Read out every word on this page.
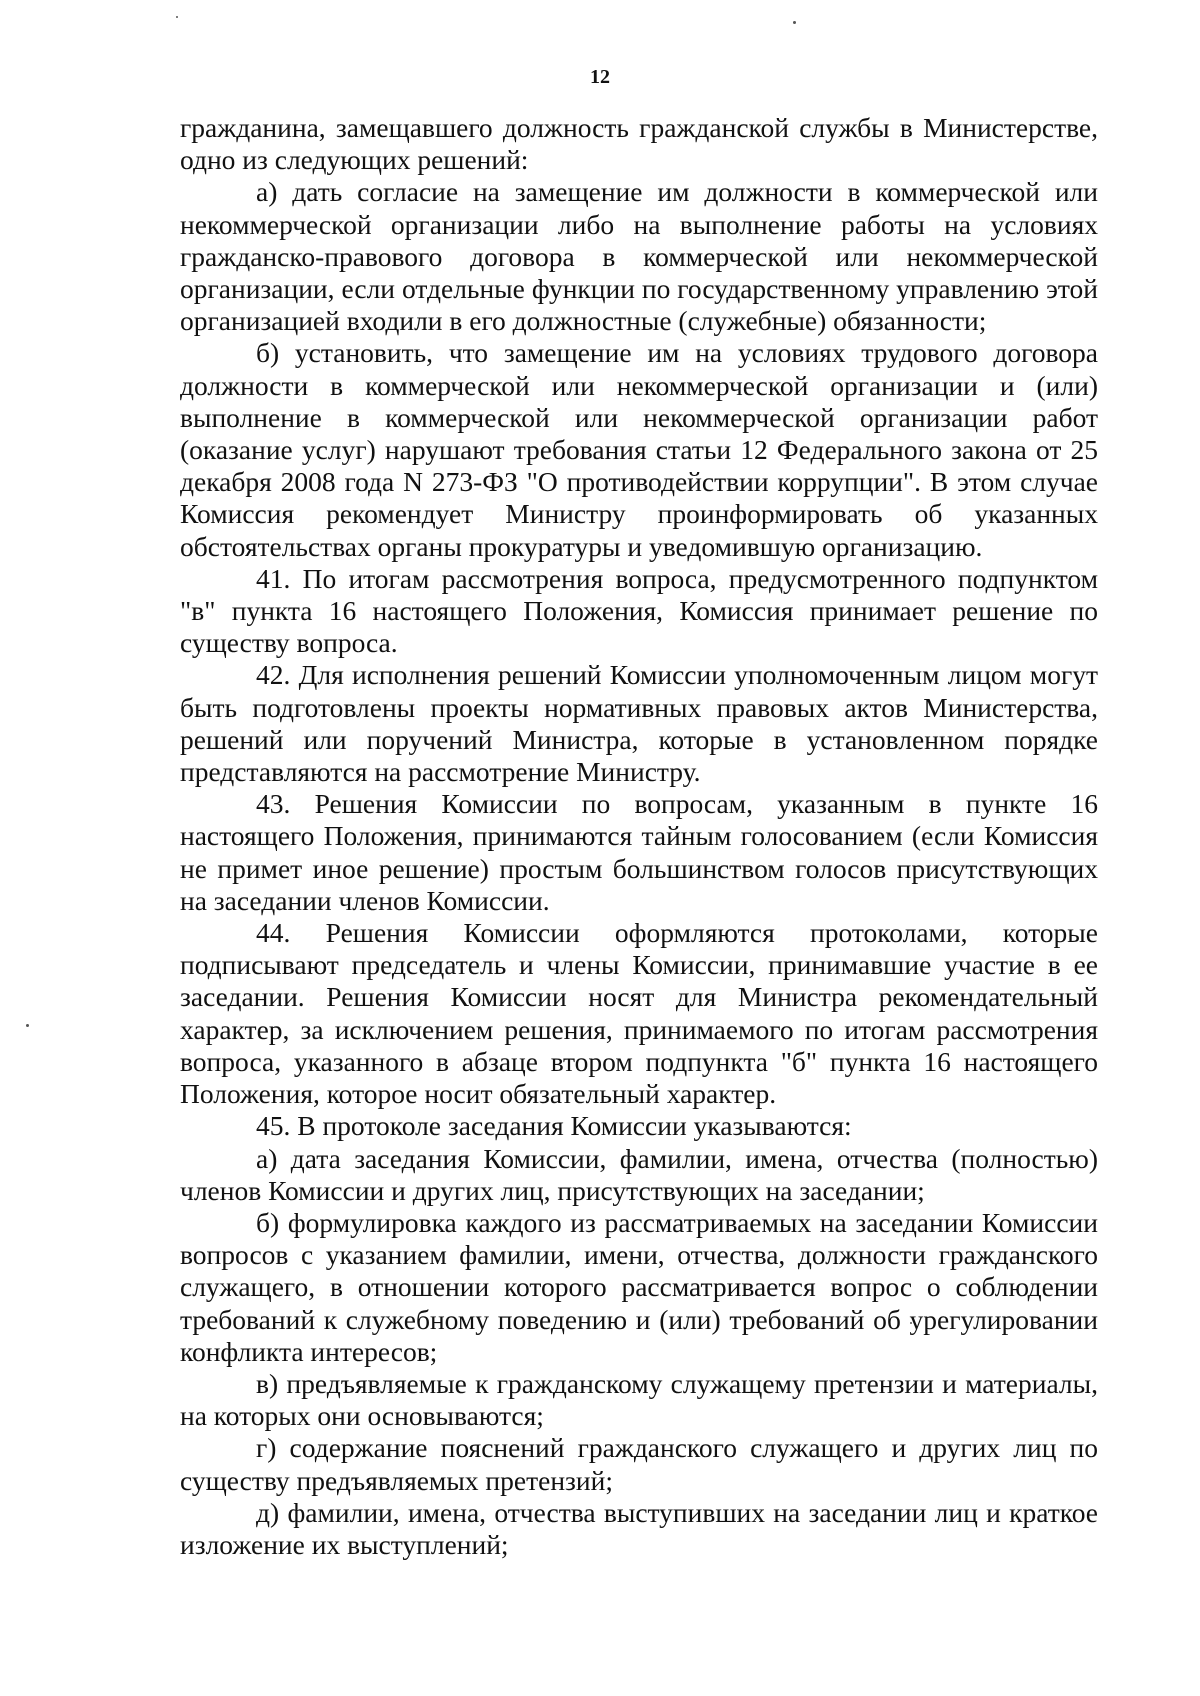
12

гражданина, замещавшего должность гражданской службы в Министерстве, одно из следующих решений:

а) дать согласие на замещение им должности в коммерческой или некоммерческой организации либо на выполнение работы на условиях гражданско-правового договора в коммерческой или некоммерческой организации, если отдельные функции по государственному управлению этой организацией входили в его должностные (служебные) обязанности;

б) установить, что замещение им на условиях трудового договора должности в коммерческой или некоммерческой организации и (или) выполнение в коммерческой или некоммерческой организации работ (оказание услуг) нарушают требования статьи 12 Федерального закона от 25 декабря 2008 года N 273-ФЗ "О противодействии коррупции". В этом случае Комиссия рекомендует Министру проинформировать об указанных обстоятельствах органы прокуратуры и уведомившую организацию.

41. По итогам рассмотрения вопроса, предусмотренного подпунктом "в" пункта 16 настоящего Положения, Комиссия принимает решение по существу вопроса.

42. Для исполнения решений Комиссии уполномоченным лицом могут быть подготовлены проекты нормативных правовых актов Министерства, решений или поручений Министра, которые в установленном порядке представляются на рассмотрение Министру.

43. Решения Комиссии по вопросам, указанным в пункте 16 настоящего Положения, принимаются тайным голосованием (если Комиссия не примет иное решение) простым большинством голосов присутствующих на заседании членов Комиссии.

44. Решения Комиссии оформляются протоколами, которые подписывают председатель и члены Комиссии, принимавшие участие в ее заседании. Решения Комиссии носят для Министра рекомендательный характер, за исключением решения, принимаемого по итогам рассмотрения вопроса, указанного в абзаце втором подпункта "б" пункта 16 настоящего Положения, которое носит обязательный характер.

45. В протоколе заседания Комиссии указываются:

а) дата заседания Комиссии, фамилии, имена, отчества (полностью) членов Комиссии и других лиц, присутствующих на заседании;

б) формулировка каждого из рассматриваемых на заседании Комиссии вопросов с указанием фамилии, имени, отчества, должности гражданского служащего, в отношении которого рассматривается вопрос о соблюдении требований к служебному поведению и (или) требований об урегулировании конфликта интересов;

в) предъявляемые к гражданскому служащему претензии и материалы, на которых они основываются;

г) содержание пояснений гражданского служащего и других лиц по существу предъявляемых претензий;

д) фамилии, имена, отчества выступивших на заседании лиц и краткое изложение их выступлений;
